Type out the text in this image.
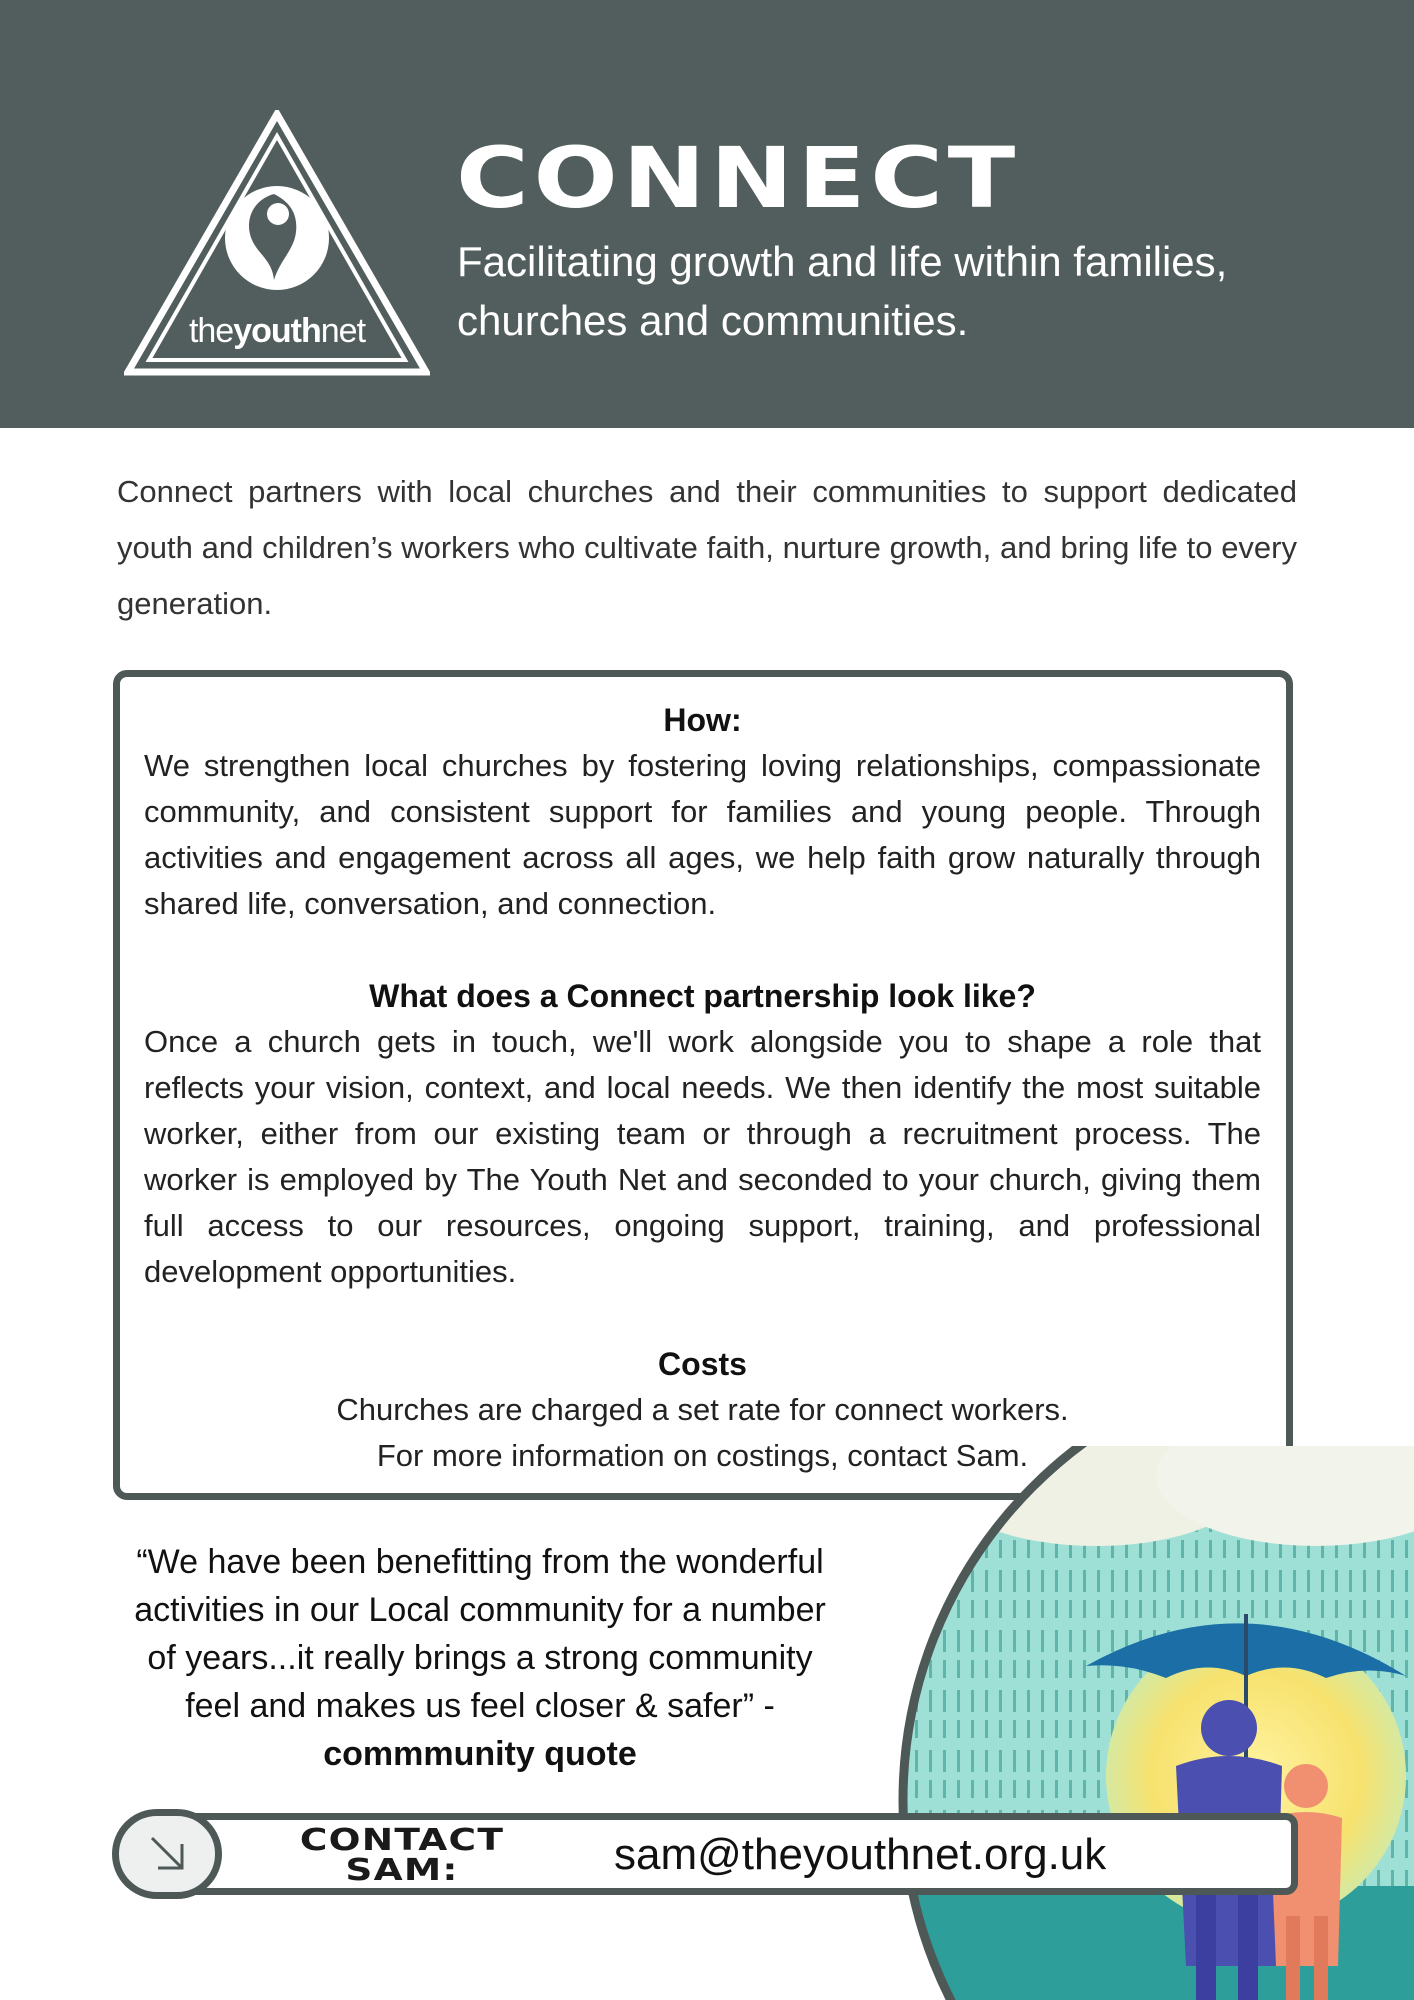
theyouthnet
CONNECT

Facilitating growth and life within families, churches and communities.

Connect partners with local churches and their communities to support dedicated youth and children’s workers who cultivate faith, nurture growth, and bring life to every generation.

How:

We strengthen local churches by fostering loving relationships, compassionate community, and consistent support for families and young people. Through activities and engagement across all ages, we help faith grow naturally through shared life, conversation, and connection.

What does a Connect partnership look like?

Once a church gets in touch, we'll work alongside you to shape a role that reflects your vision, context, and local needs. We then identify the most suitable worker, either from our existing team or through a recruitment process. The worker is employed by The Youth Net and seconded to your church, giving them full access to our resources, ongoing support, training, and professional development opportunities.

Costs

Churches are charged a set rate for connect workers.

For more information on costings, contact Sam.

“We have been benefitting from the wonderful activities in our Local community for a number of years...it really brings a strong community feel and makes us feel closer & safer” - commmunity quote

CONTACT
SAM:	sam@theyouthnet.org.uk
